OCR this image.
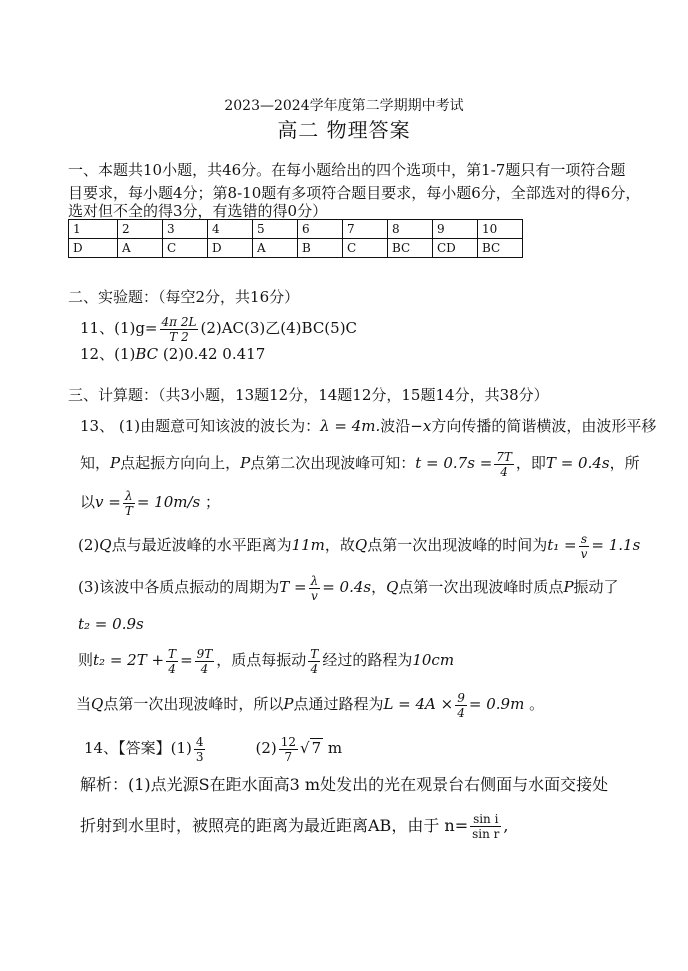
2023—2024学年度第二学期期中考试
高二 物理答案
一、本题共10小题，共46分。在每小题给出的四个选项中，第1-7题只有一项符合题
目要求，每小题4分；第8-10题有多项符合题目要求，每小题6分，全部选对的得6分，
选对但不全的得3分，有选错的得0分）
1	2	3	4	5	6	7	8	9	10
D	A	C	D	A	B	C	BC	CD	BC
二、实验题：（每空2分，共16分）
11、$(1)g= \frac{4\pi 2L}{T 2} (2)AC(3)$乙(4)BC(5)C
12、(1)BC (2)0.42 0.417
三、计算题：（共3小题，13题12分，14题12分，15题14分，共38分）
13、 (1)由题意可知该波的波长为：λ = 4m.波沿−x方向传播的简谐横波，由波形平移
知，P点起振方向向上，P点第二次出现波峰可知：$t = 0.7s = \frac{7T}{4}$ ，即T = 0.4s，所
以$v = \frac{\lambda}{T} = 10m/s$ ；
(2)Q点与最近波峰的水平距离为11m，故Q点第一次出现波峰的时间为$t_1 = \frac{s}{v} = 1.1s$
(3)该波中各质点振动的周期为$T = \frac{\lambda}{v} = 0.4s$，Q点第一次出现波峰时质点P振动了
t₂ = 0.9s
则$t_2 = 2T + \frac{T}{4} = \frac{9T}{4}$ ，质点每振动 $\frac{T}{4}$ 经过的路程为10cm
当Q点第一次出现波峰时，所以P点通过路程为$L = 4A \times \frac{9}{4} = 0.9m$ 。
14、【答案】$(1) \frac{4}{3}$	$(2) \frac{12}{7}$ √ 7 m
解析：(1)点光源S在距水面高3 m处发出的光在观景台右侧面与水面交接处
折射到水里时，被照亮的距离为最近距离AB，由于 $n= \frac{\text{sin i}}{\text{sin r}}$ ,
